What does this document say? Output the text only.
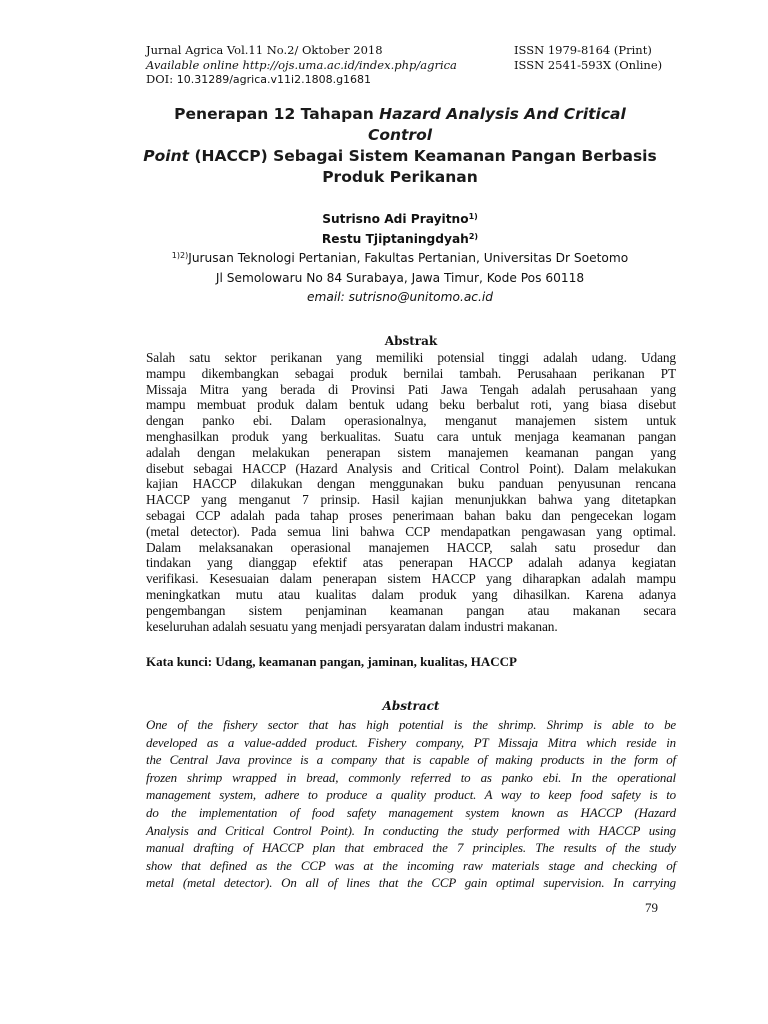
Jurnal Agrica Vol.11 No.2/ Oktober 2018
Available online http://ojs.uma.ac.id/index.php/agrica
DOI: 10.31289/agrica.v11i2.1808.g1681
ISSN 1979-8164 (Print)
ISSN 2541-593X (Online)
Penerapan 12 Tahapan Hazard Analysis And Critical Control
Point (HACCP) Sebagai Sistem Keamanan Pangan Berbasis
Produk Perikanan
Sutrisno Adi Prayitno$^{1)}$
Restu Tjiptaningdyah$^{2)}$
$^{1)2)}$Jurusan Teknologi Pertanian, Fakultas Pertanian, Universitas Dr Soetomo
Jl Semolowaru No 84 Surabaya, Jawa Timur, Kode Pos 60118
email: sutrisno@unitomo.ac.id
Abstrak
Salah satu sektor perikanan yang memiliki potensial tinggi adalah udang. Udang
mampu dikembangkan sebagai produk bernilai tambah. Perusahaan perikanan PT
Missaja Mitra yang berada di Provinsi Pati Jawa Tengah adalah perusahaan yang
mampu membuat produk dalam bentuk udang beku berbalut roti, yang biasa disebut
dengan panko ebi. Dalam operasionalnya, menganut manajemen sistem untuk
menghasilkan produk yang berkualitas. Suatu cara untuk menjaga keamanan pangan
adalah dengan melakukan penerapan sistem manajemen keamanan pangan yang
disebut sebagai HACCP (Hazard Analysis and Critical Control Point). Dalam melakukan
kajian HACCP dilakukan dengan menggunakan buku panduan penyusunan rencana
HACCP yang menganut 7 prinsip. Hasil kajian menunjukkan bahwa yang ditetapkan
sebagai CCP adalah pada tahap proses penerimaan bahan baku dan pengecekan logam
(metal detector). Pada semua lini bahwa CCP mendapatkan pengawasan yang optimal.
Dalam melaksanakan operasional manajemen HACCP, salah satu prosedur dan
tindakan yang dianggap efektif atas penerapan HACCP adalah adanya kegiatan
verifikasi. Kesesuaian dalam penerapan sistem HACCP yang diharapkan adalah mampu
meningkatkan mutu atau kualitas dalam produk yang dihasilkan. Karena adanya
pengembangan sistem penjaminan keamanan pangan atau makanan secara
keseluruhan adalah sesuatu yang menjadi persyaratan dalam industri makanan.
Kata kunci: Udang, keamanan pangan, jaminan, kualitas, HACCP
Abstract
One of the fishery sector that has high potential is the shrimp. Shrimp is able to be
developed as a value-added product. Fishery company, PT Missaja Mitra which reside in
the Central Java province is a company that is capable of making products in the form of
frozen shrimp wrapped in bread, commonly referred to as panko ebi. In the operational
management system, adhere to produce a quality product. A way to keep food safety is to
do the implementation of food safety management system known as HACCP (Hazard
Analysis and Critical Control Point). In conducting the study performed with HACCP using
manual drafting of HACCP plan that embraced the 7 principles. The results of the study
show that defined as the CCP was at the incoming raw materials stage and checking of
metal (metal detector). On all of lines that the CCP gain optimal supervision. In carrying
79
